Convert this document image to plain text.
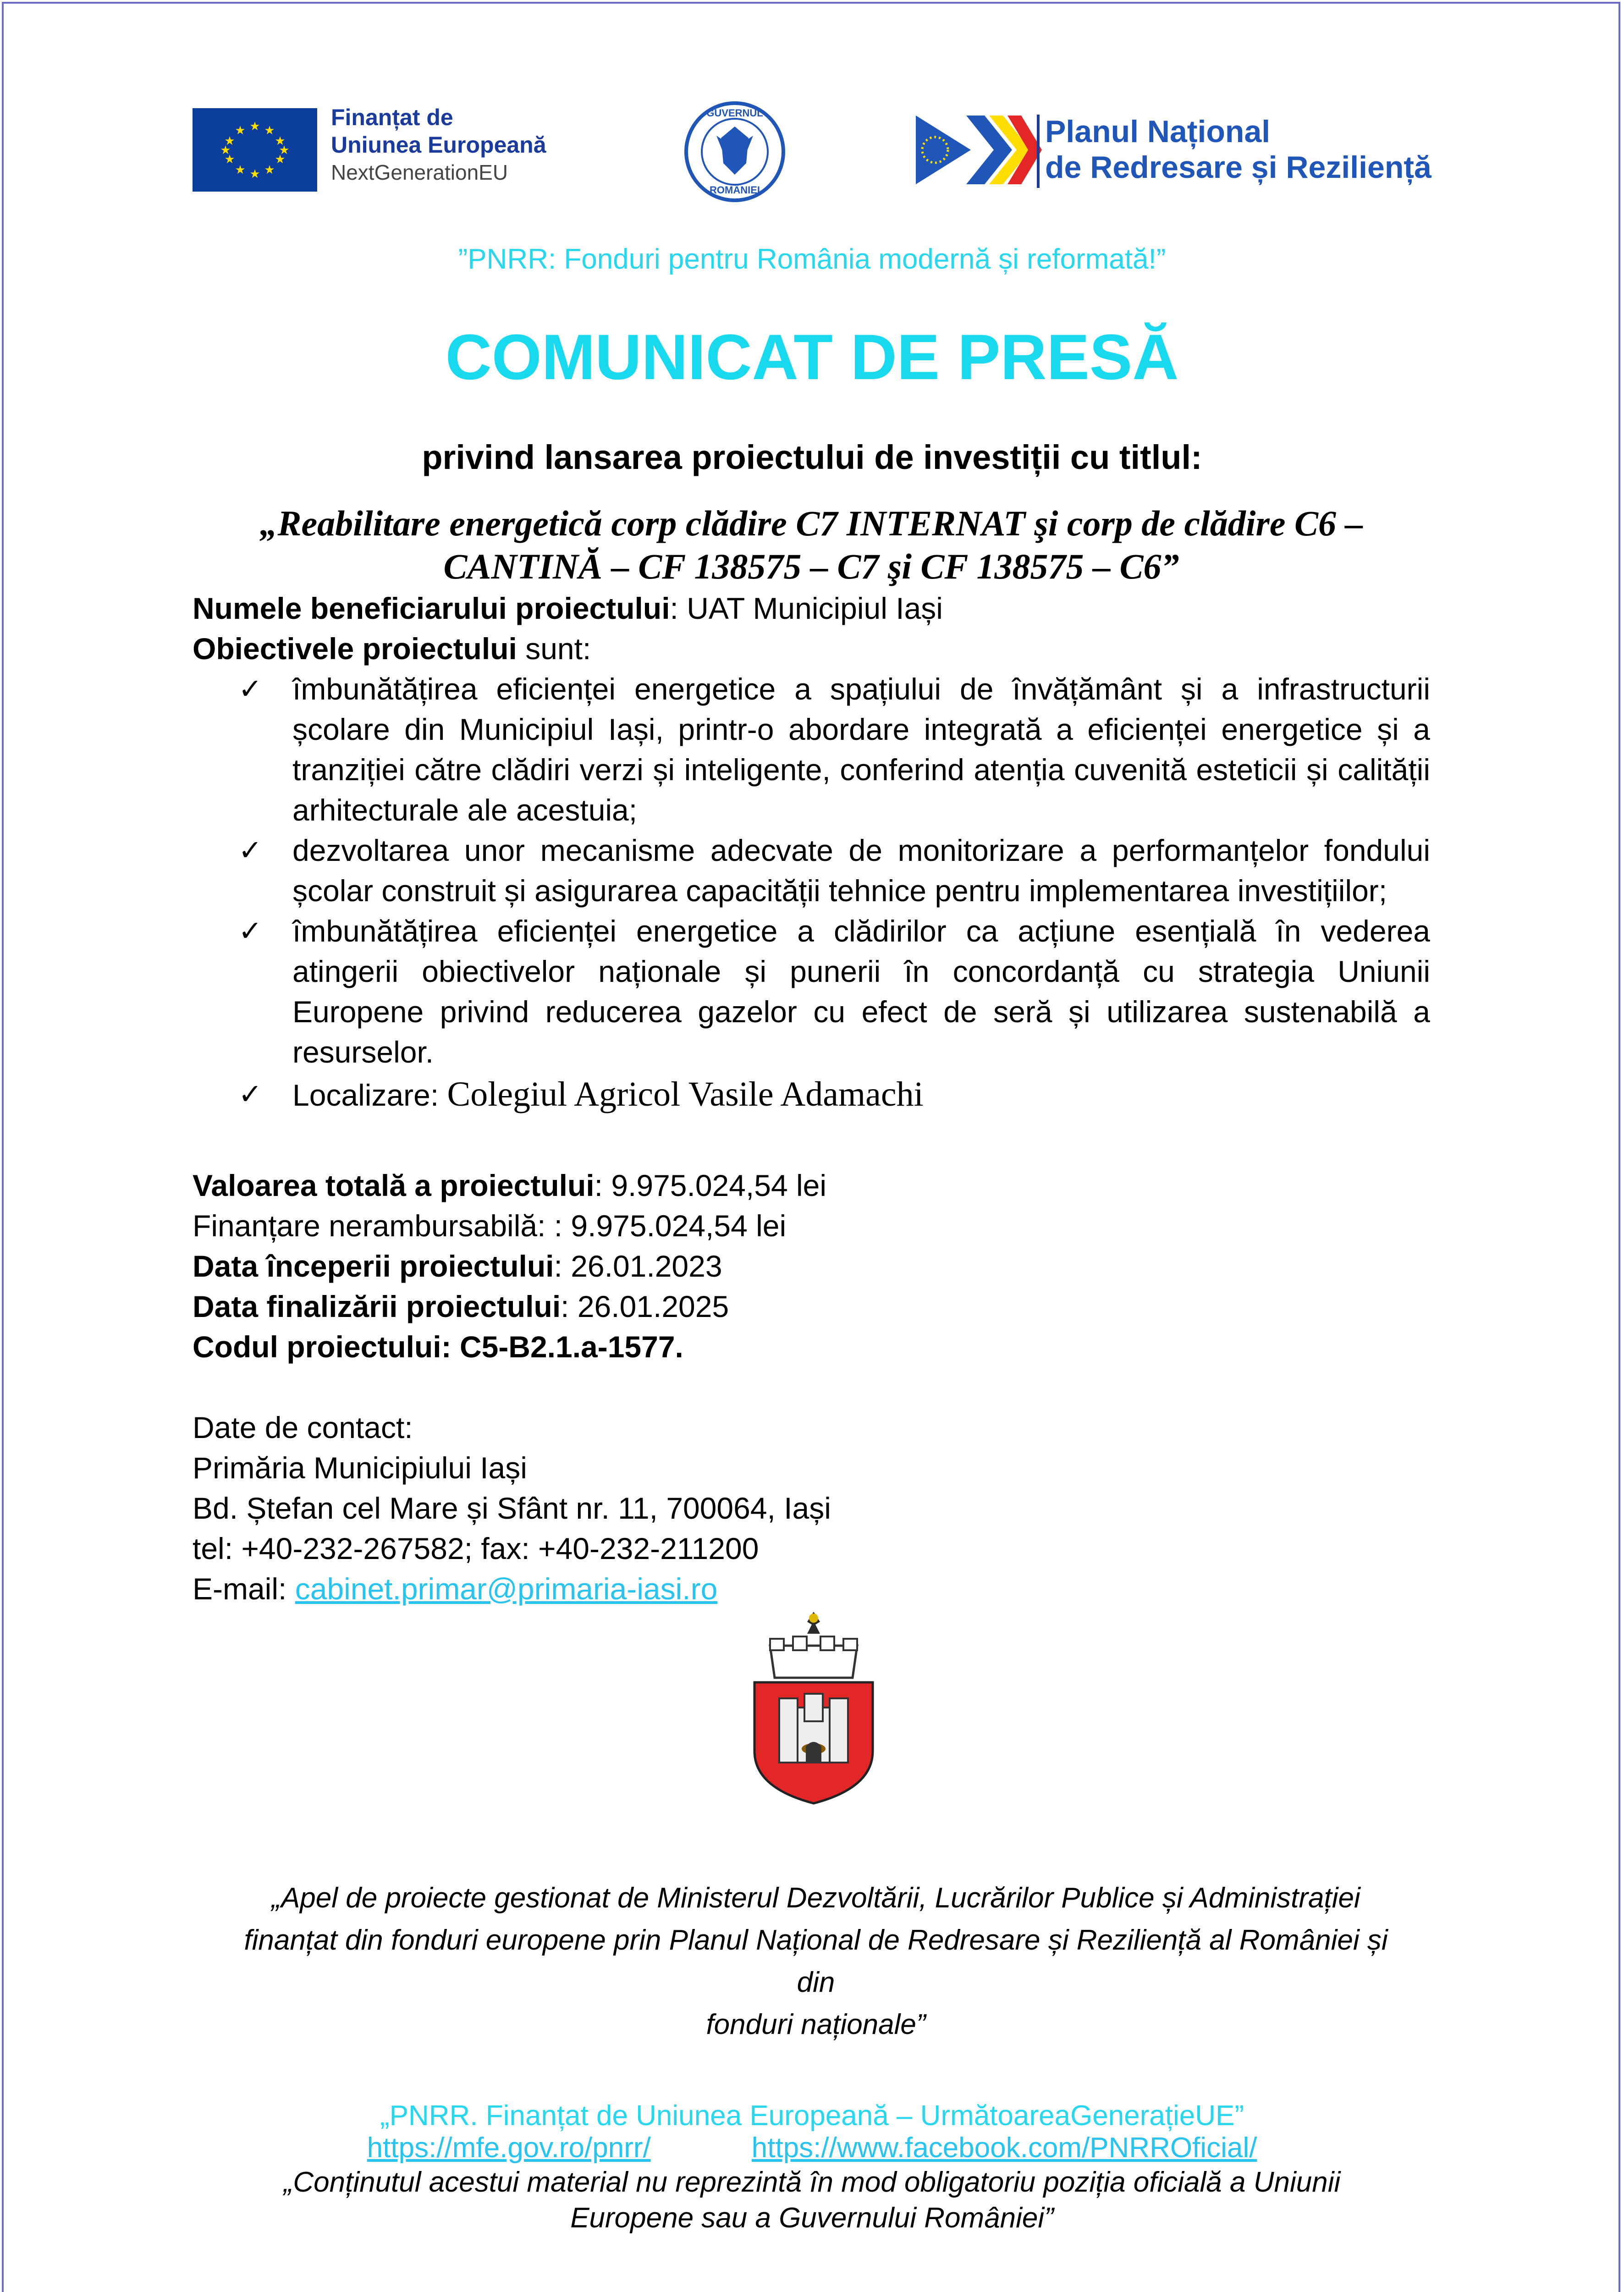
★ ★
★
★
★
★
★
★
★
★
★
★
Finanțat de
Uniunea Europeană
NextGenerationEU
GUVERNUL
ROMÂNIEI
Planul Național
de Redresare și Reziliență
”PNRR: Fonduri pentru România modernă și reformată!”
COMUNICAT DE PRESĂ
privind lansarea proiectului de investiții cu titlul:
„Reabilitare energetică corp clădire C7 INTERNAT şi corp de clădire C6 –
CANTINĂ – CF 138575 – C7 şi CF 138575 – C6”
Numele beneficiarului proiectului: UAT Municipiul Iași
Obiectivele proiectului sunt:
✓ îmbunătățirea eficienței energetice a spațiului de învățământ și a infrastructurii școlare din Municipiul Iași, printr-o abordare integrată a eficienței energetice și a tranziției către clădiri verzi și inteligente, conferind atenția cuvenită esteticii și calității arhitecturale ale acestuia;
✓ dezvoltarea unor mecanisme adecvate de monitorizare a performanțelor fondului școlar construit și asigurarea capacității tehnice pentru implementarea investițiilor;
✓ îmbunătățirea eficienței energetice a clădirilor ca acțiune esențială în vederea atingerii obiectivelor naționale și punerii în concordanță cu strategia Uniunii Europene privind reducerea gazelor cu efect de seră și utilizarea sustenabilă a resurselor.
✓ Localizare: Colegiul Agricol Vasile Adamachi
Valoarea totală a proiectului: 9.975.024,54 lei
Finanțare nerambursabilă: : 9.975.024,54 lei
Data începerii proiectului: 26.01.2023
Data finalizării proiectului: 26.01.2025
Codul proiectului: C5-B2.1.a-1577.
Date de contact:
Primăria Municipiului Iași
Bd. Ștefan cel Mare și Sfânt nr. 11, 700064, Iași
tel: +40-232-267582; fax: +40-232-211200
E-mail: cabinet.primar@primaria-iasi.ro
„Apel de proiecte gestionat de Ministerul Dezvoltării, Lucrărilor Publice și Administrației
finanțat din fonduri europene prin Planul Național de Redresare și Reziliență al României și din
fonduri naționale”
„PNRR. Finanțat de Uniunea Europeană – UrmătoareaGenerațieUE”
https://mfe.gov.ro/pnrr/	https://www.facebook.com/PNRROficial/
„Conținutul acestui material nu reprezintă în mod obligatoriu poziția oficială a Uniunii
Europene sau a Guvernului României”
